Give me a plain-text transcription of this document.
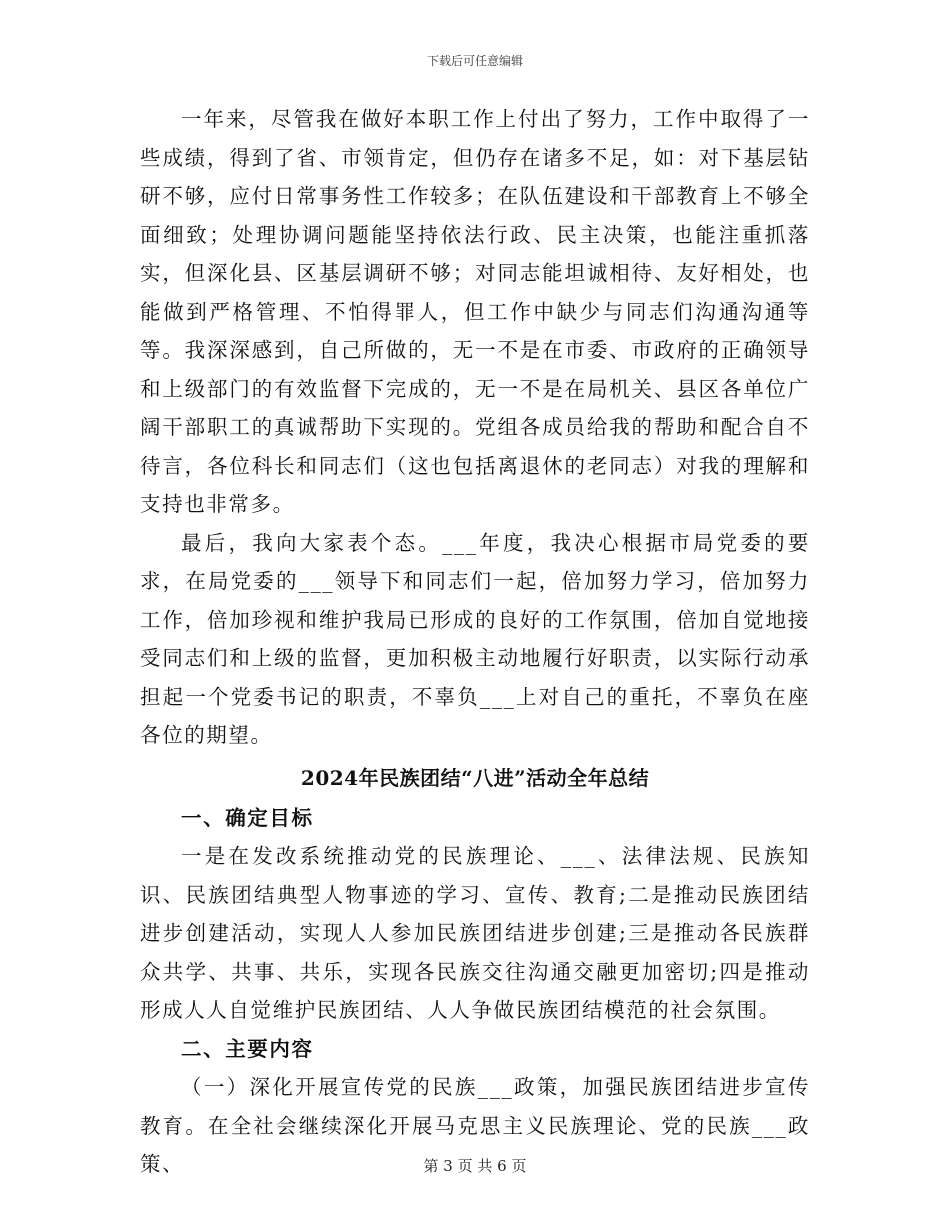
下载后可任意编辑

一年来，尽管我在做好本职工作上付出了努力，工作中取得了一些成绩，得到了省、市领肯定，但仍存在诸多不足，如：对下基层钻研不够，应付日常事务性工作较多；在队伍建设和干部教育上不够全面细致；处理协调问题能坚持依法行政、民主决策，也能注重抓落实，但深化县、区基层调研不够；对同志能坦诚相待、友好相处，也能做到严格管理、不怕得罪人，但工作中缺少与同志们沟通沟通等等。我深深感到，自己所做的，无一不是在市委、市政府的正确领导和上级部门的有效监督下完成的，无一不是在局机关、县区各单位广阔干部职工的真诚帮助下实现的。党组各成员给我的帮助和配合自不待言，各位科长和同志们（这也包括离退休的老同志）对我的理解和支持也非常多。

最后，我向大家表个态。___年度，我决心根据市局党委的要求，在局党委的___领导下和同志们一起，倍加努力学习，倍加努力工作，倍加珍视和维护我局已形成的良好的工作氛围，倍加自觉地接受同志们和上级的监督，更加积极主动地履行好职责，以实际行动承担起一个党委书记的职责，不辜负___上对自己的重托，不辜负在座各位的期望。

2024年民族团结“八进”活动全年总结
一、确定目标

一是在发改系统推动党的民族理论、___、法律法规、民族知识、民族团结典型人物事迹的学习、宣传、教育;二是推动民族团结进步创建活动，实现人人参加民族团结进步创建;三是推动各民族群众共学、共事、共乐，实现各民族交往沟通交融更加密切;四是推动形成人人自觉维护民族团结、人人争做民族团结模范的社会氛围。

二、主要内容

（一）深化开展宣传党的民族___政策，加强民族团结进步宣传教育。在全社会继续深化开展马克思主义民族理论、党的民族___政策、	第 3 页 共 6 页
